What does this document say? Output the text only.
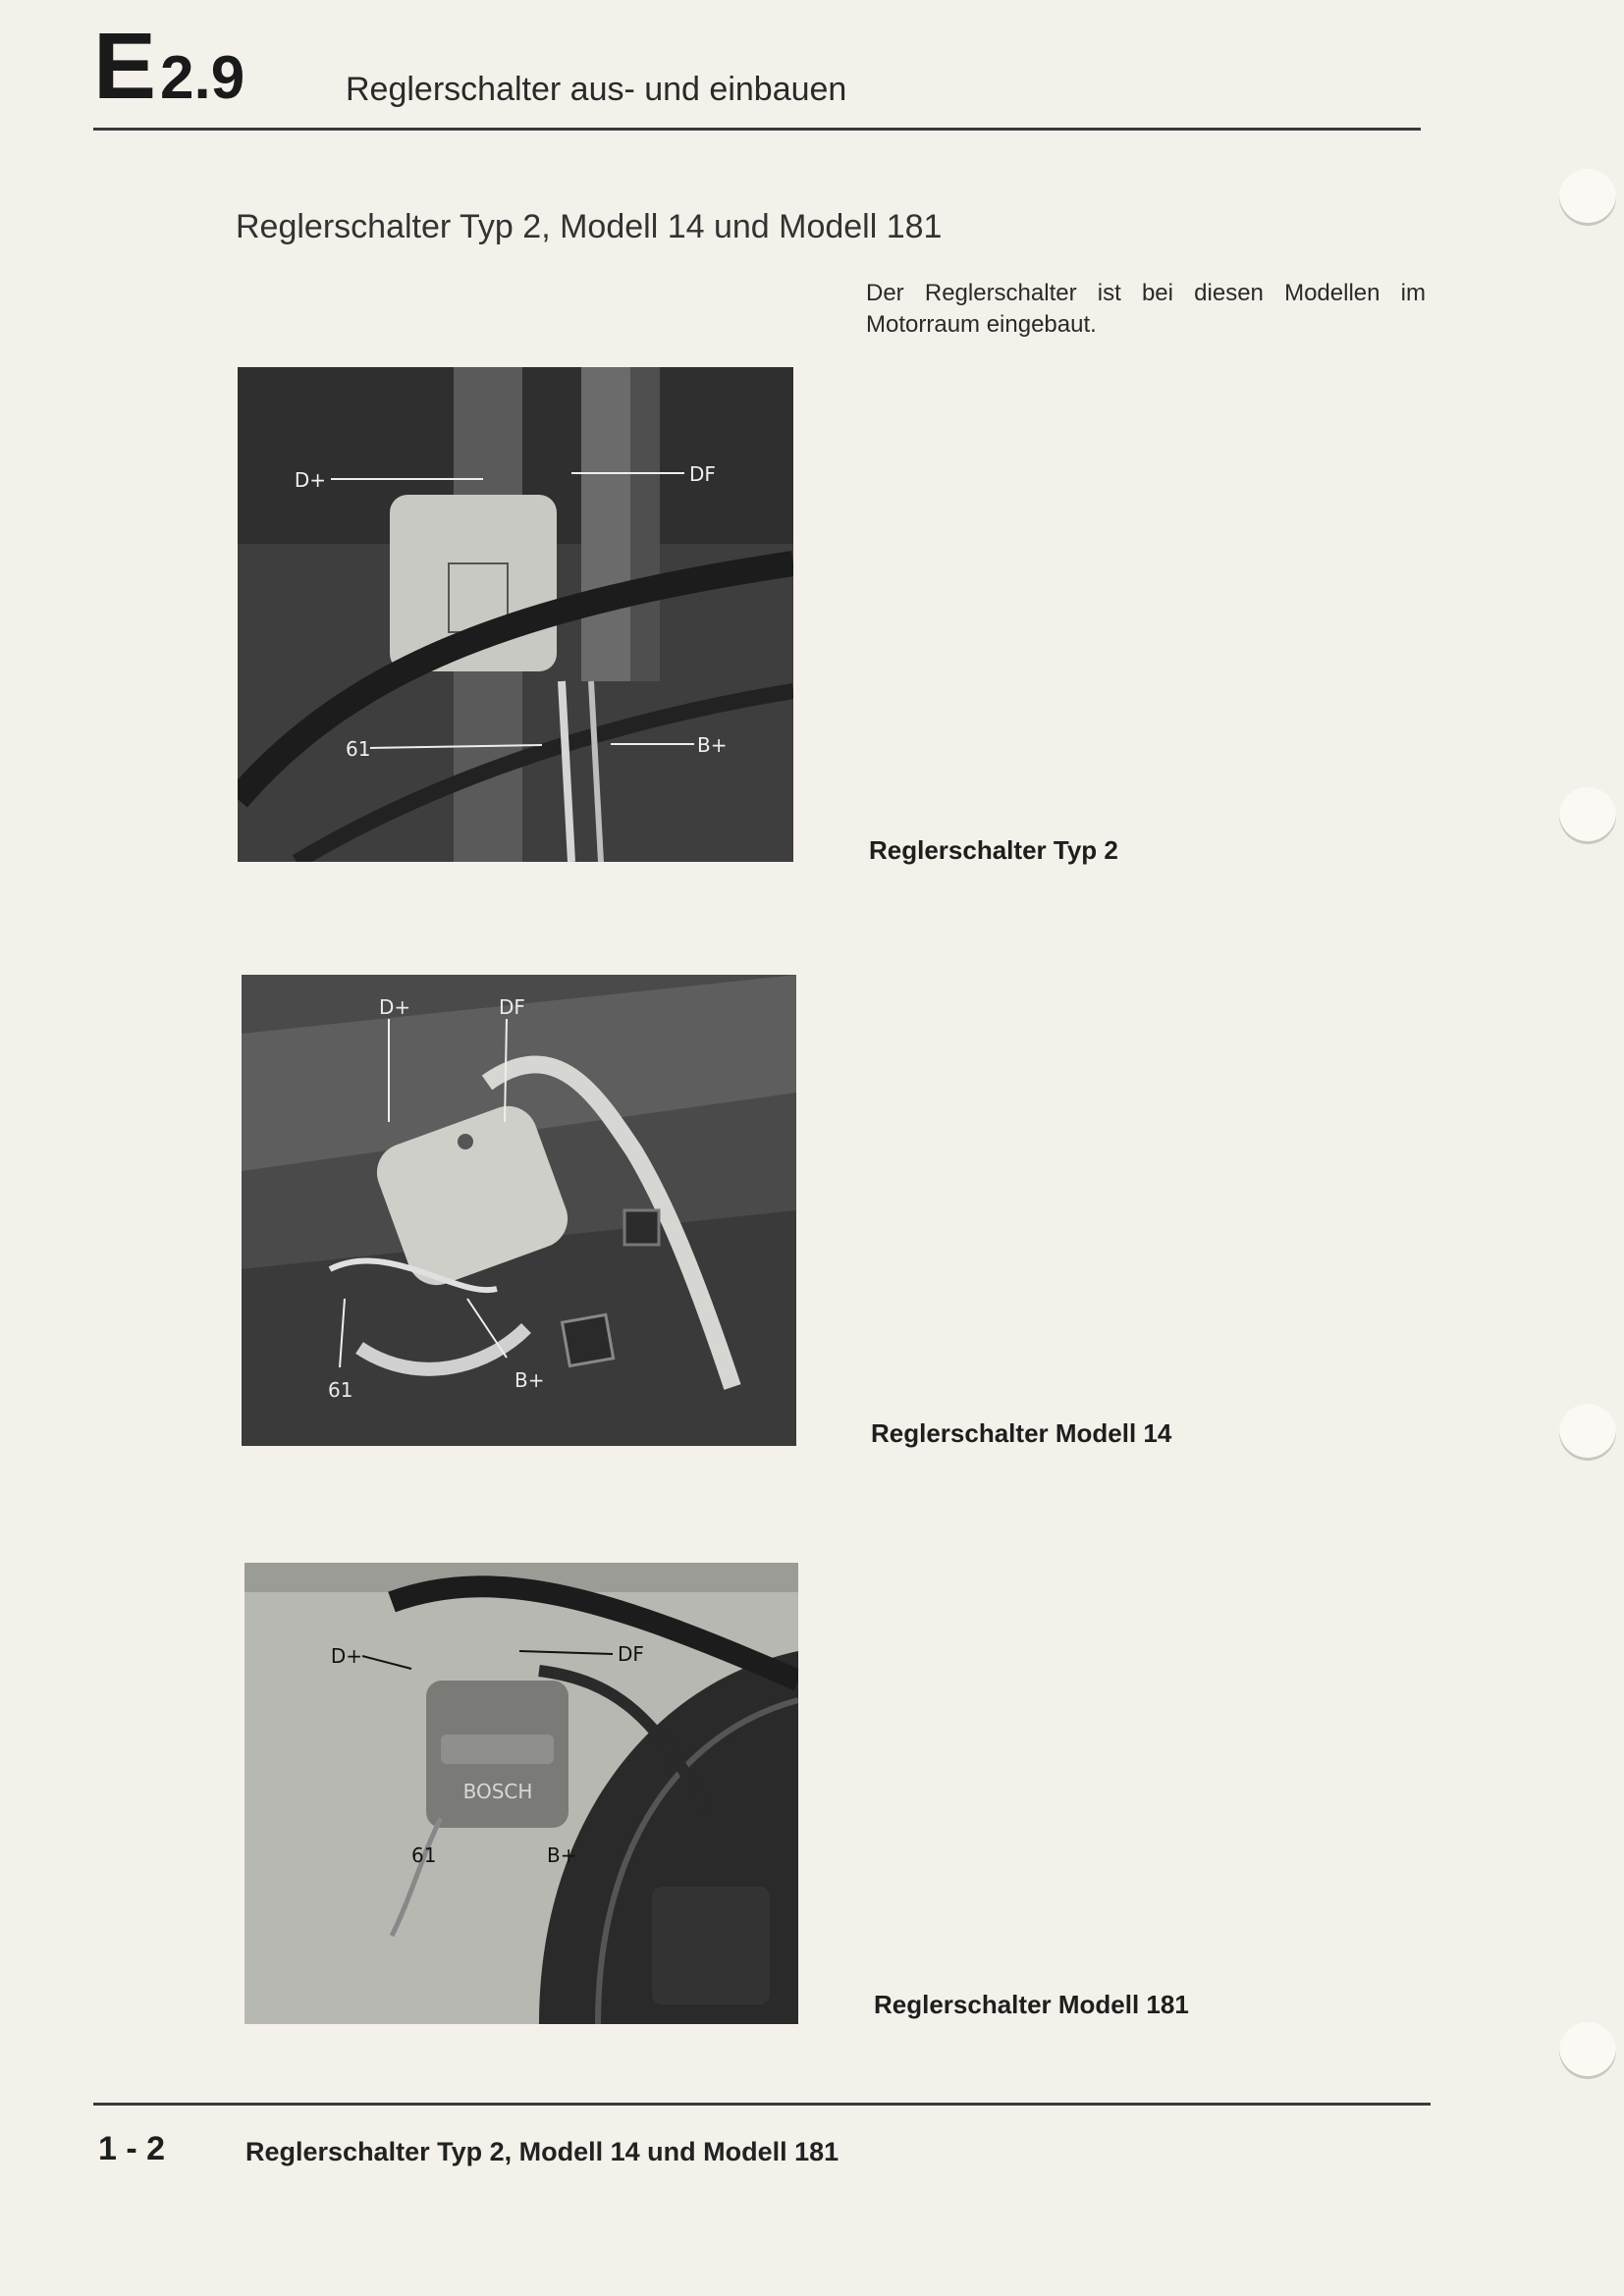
E2.9	Reglerschalter aus- und einbauen
Reglerschalter Typ 2, Modell 14 und Modell 181
Der Reglerschalter ist bei diesen Modellen im Motorraum eingebaut.
D+	DF
61	B+
Reglerschalter Typ 2
D+	DF
61	B+
Reglerschalter Modell 14
BOSCH
D+	DF
61	B+
Reglerschalter Modell 181
1 - 2	Reglerschalter Typ 2, Modell 14 und Modell 181
